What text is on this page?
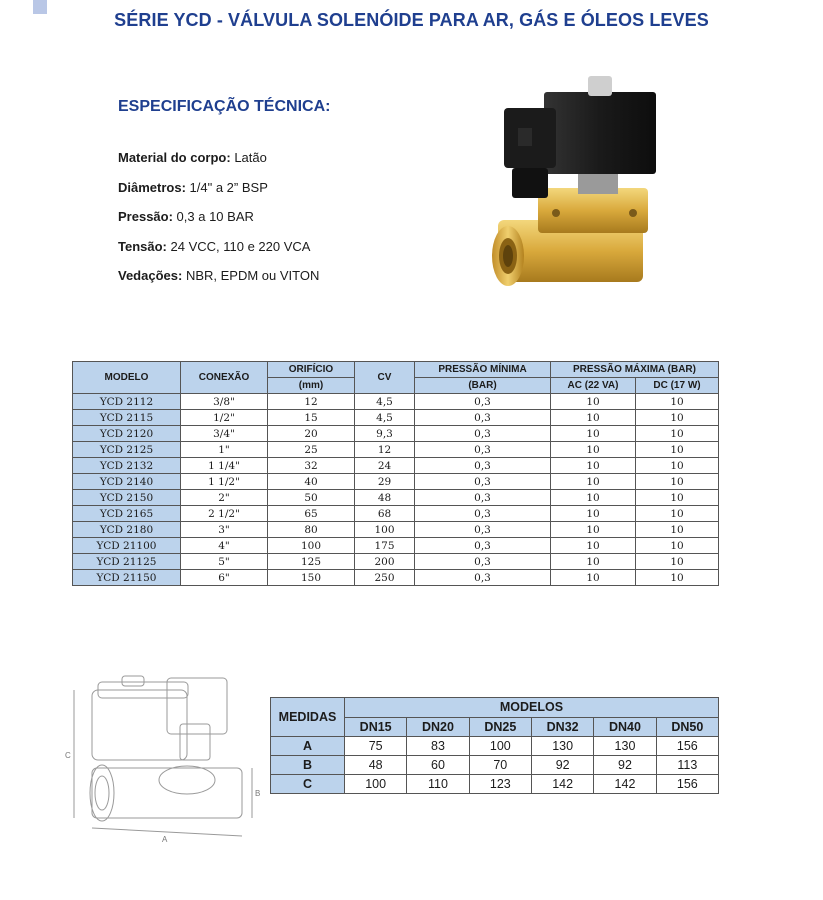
SÉRIE YCD - VÁLVULA SOLENÓIDE PARA AR, GÁS E ÓLEOS LEVES
ESPECIFICAÇÃO TÉCNICA:
Material do corpo: Latão
Diâmetros: 1/4" a 2” BSP
Pressão: 0,3 a 10 BAR
Tensão: 24 VCC, 110 e 220 VCA
Vedações: NBR, EPDM ou VITON
MODELO	CONEXÃO	ORIFÍCIO	CV	PRESSÃO MÍNIMA	PRESSÃO MÁXIMA (BAR)	
		(mm)		(BAR)	AC (22 VA)	DC (17 W)
YCD 2112	3/8"	12	4,5	0,3	10	10
YCD 2115	1/2"	15	4,5	0,3	10	10
YCD 2120	3/4"	20	9,3	0,3	10	10
YCD 2125	1"	25	12	0,3	10	10
YCD 2132	1 1/4"	32	24	0,3	10	10
YCD 2140	1 1/2"	40	29	0,3	10	10
YCD 2150	2"	50	48	0,3	10	10
YCD 2165	2 1/2"	65	68	0,3	10	10
YCD 2180	3"	80	100	0,3	10	10
YCD 21100	4"	100	175	0,3	10	10
YCD 21125	5"	125	200	0,3	10	10
YCD 21150	6"	150	250	0,3	10	10
A
B
C
MEDIDAS	MODELOS					
	DN15	DN20	DN25	DN32	DN40	DN50
A	75	83	100	130	130	156
B	48	60	70	92	92	113
C	100	110	123	142	142	156
